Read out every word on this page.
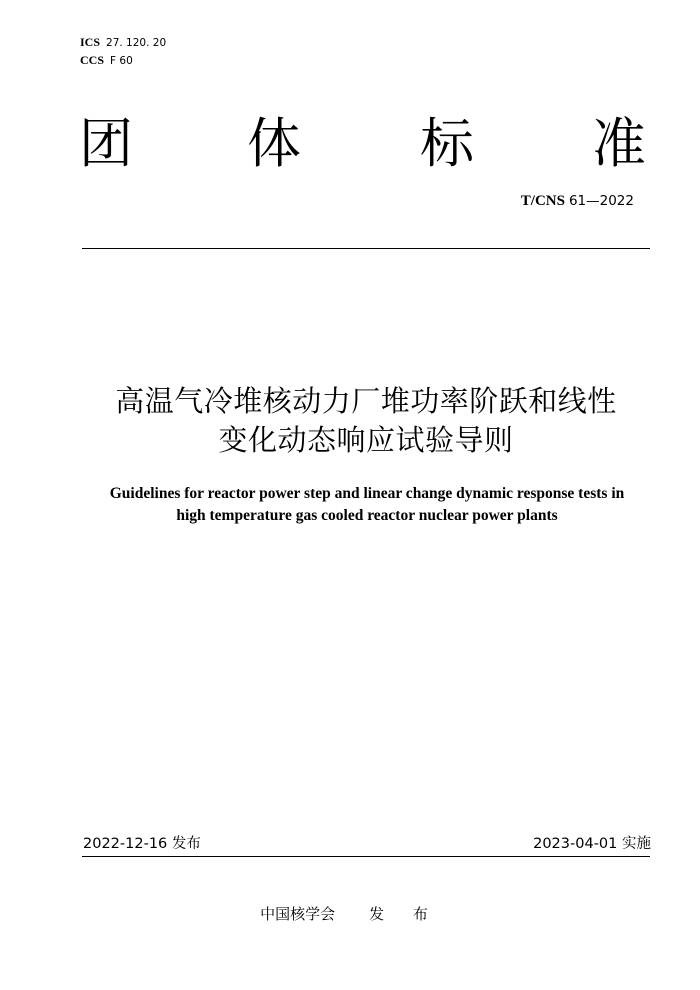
ICS 27. 120. 20
CCS F 60
团 体 标 准
T/CNS 61—2022
高温气冷堆核动力厂堆功率阶跃和线性
变化动态响应试验导则
Guidelines for reactor power step and linear change dynamic response tests in
high temperature gas cooled reactor nuclear power plants
2022-12-16 发布	2023-04-01 实施
中国核学会 发 布
